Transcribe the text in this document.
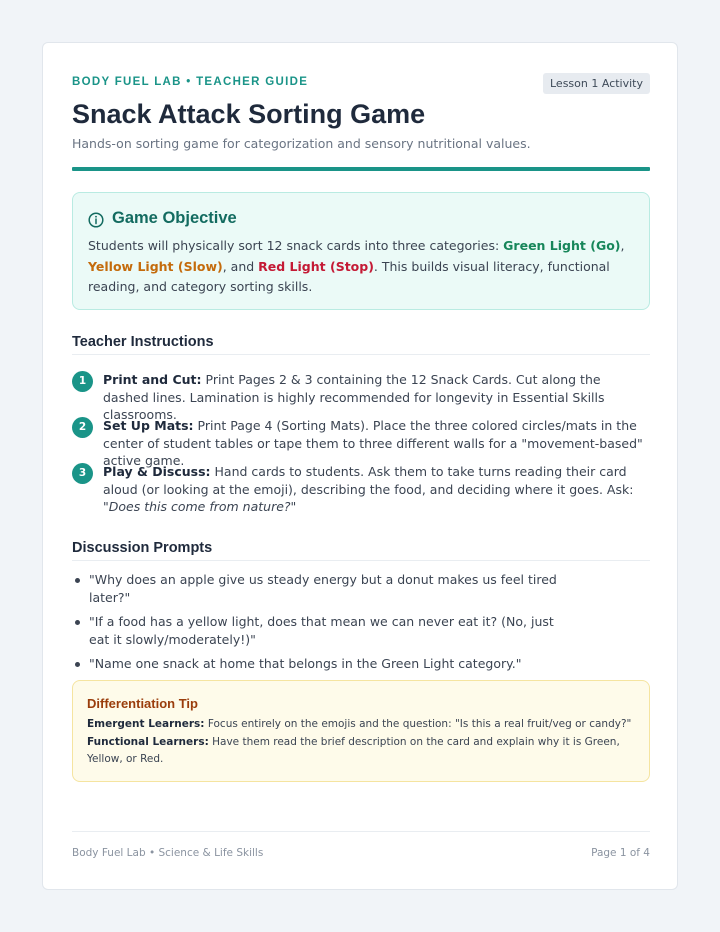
BODY FUEL LAB • TEACHER GUIDE	Lesson 1 Activity
Snack Attack Sorting Game
Hands-on sorting game for categorization and sensory nutritional values.
Game Objective
Students will physically sort 12 snack cards into three categories: Green Light (Go), Yellow Light (Slow), and Red Light (Stop). This builds visual literacy, functional reading, and category sorting skills.
Teacher Instructions
1	Print and Cut: Print Pages 2 & 3 containing the 12 Snack Cards. Cut along the dashed lines. Lamination is highly recommended for longevity in Essential Skills classrooms.
2	Set Up Mats: Print Page 4 (Sorting Mats). Place the three colored circles/mats in the center of student tables or tape them to three different walls for a "movement-based" active game.
3	Play & Discuss: Hand cards to students. Ask them to take turns reading their card aloud (or looking at the emoji), describing the food, and deciding where it goes. Ask: "Does this come from nature?"
Discussion Prompts
"Why does an apple give us steady energy but a donut makes us feel tired later?"
"If a food has a yellow light, does that mean we can never eat it? (No, just eat it slowly/moderately!)"
"Name one snack at home that belongs in the Green Light category."
Differentiation Tip
Emergent Learners: Focus entirely on the emojis and the question: "Is this a real fruit/veg or candy?"
Functional Learners: Have them read the brief description on the card and explain why it is Green, Yellow, or Red.
Body Fuel Lab • Science & Life Skills	Page 1 of 4
